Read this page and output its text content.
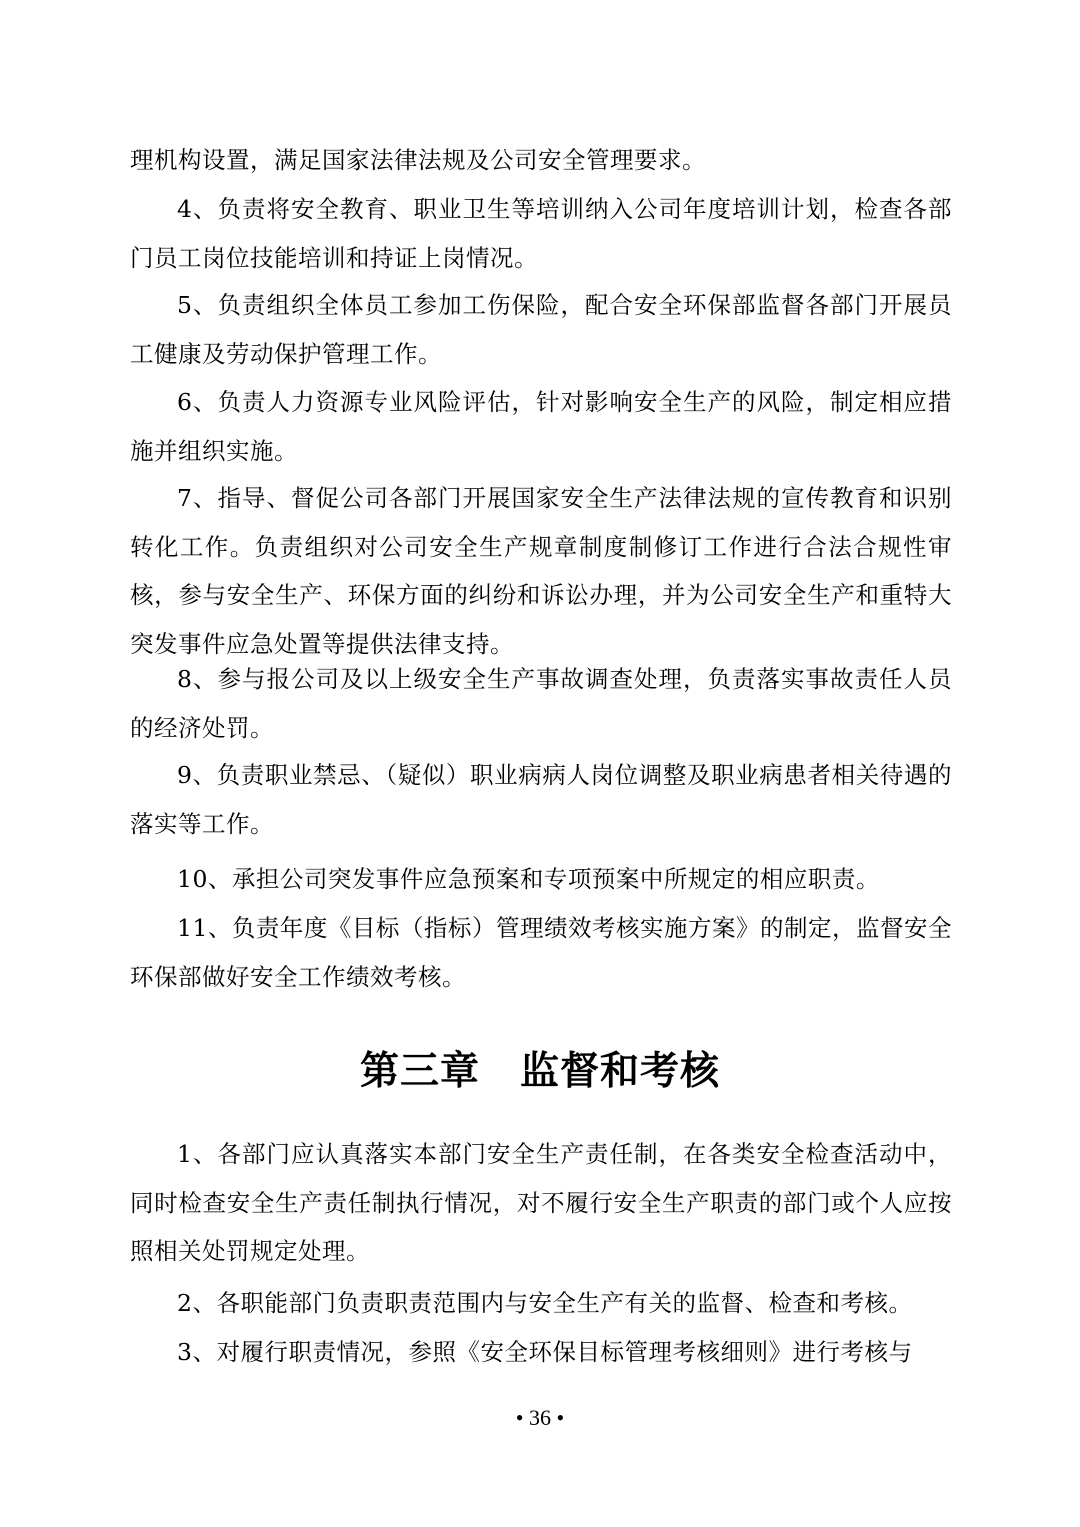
理机构设置，满足国家法律法规及公司安全管理要求。

4、负责将安全教育、职业卫生等培训纳入公司年度培训计划，检查各部门员工岗位技能培训和持证上岗情况。

5、负责组织全体员工参加工伤保险，配合安全环保部监督各部门开展员工健康及劳动保护管理工作。

6、负责人力资源专业风险评估，针对影响安全生产的风险，制定相应措施并组织实施。

7、指导、督促公司各部门开展国家安全生产法律法规的宣传教育和识别转化工作。负责组织对公司安全生产规章制度制修订工作进行合法合规性审核，参与安全生产、环保方面的纠纷和诉讼办理，并为公司安全生产和重特大突发事件应急处置等提供法律支持。

8、参与报公司及以上级安全生产事故调查处理，负责落实事故责任人员的经济处罚。

9、负责职业禁忌、（疑似）职业病病人岗位调整及职业病患者相关待遇的落实等工作。

10、承担公司突发事件应急预案和专项预案中所规定的相应职责。

11、负责年度《目标（指标）管理绩效考核实施方案》的制定，监督安全环保部做好安全工作绩效考核。

第三章　监督和考核

1、各部门应认真落实本部门安全生产责任制，在各类安全检查活动中，同时检查安全生产责任制执行情况，对不履行安全生产职责的部门或个人应按照相关处罚规定处理。

2、各职能部门负责职责范围内与安全生产有关的监督、检查和考核。

3、对履行职责情况，参照《安全环保目标管理考核细则》进行考核与

• 36 •
